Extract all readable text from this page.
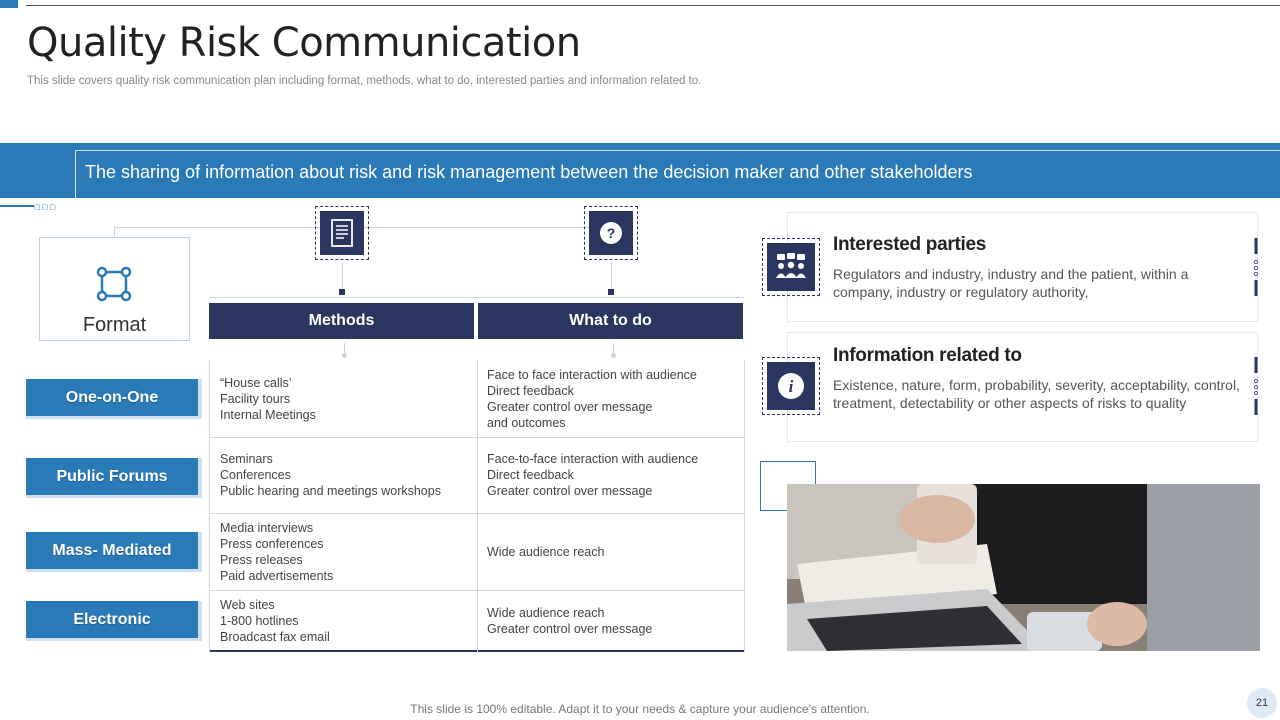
Quality Risk Communication

This slide covers quality risk communication plan including format, methods, what to do, interested parties and information related to.

The sharing of information about risk and risk management between the decision maker and other stakeholders
▢▢▢
Format
?
Methods	What to do
One-on-One
Public Forums
Mass- Mediated
Electronic
“House calls’
Facility tours
Internal Meetings
Face to face interaction with audience
Direct feedback
Greater control over message
and outcomes
Seminars
Conferences
Public hearing and meetings workshops
Face-to-face interaction with audience
Direct feedback
Greater control over message
Media interviews
Press conferences
Press releases
Paid advertisements
Wide audience reach
Web sites
1-800 hotlines
Broadcast fax email
Wide audience reach
Greater control over message
Interested parties
Regulators and industry, industry and the patient, within a company, industry or regulatory authority,
i
Information related to
Existence, nature, form, probability, severity, acceptability, control, treatment, detectability or other aspects of risks to quality
This slide is 100% editable. Adapt it to your needs & capture your audience’s attention.	21
